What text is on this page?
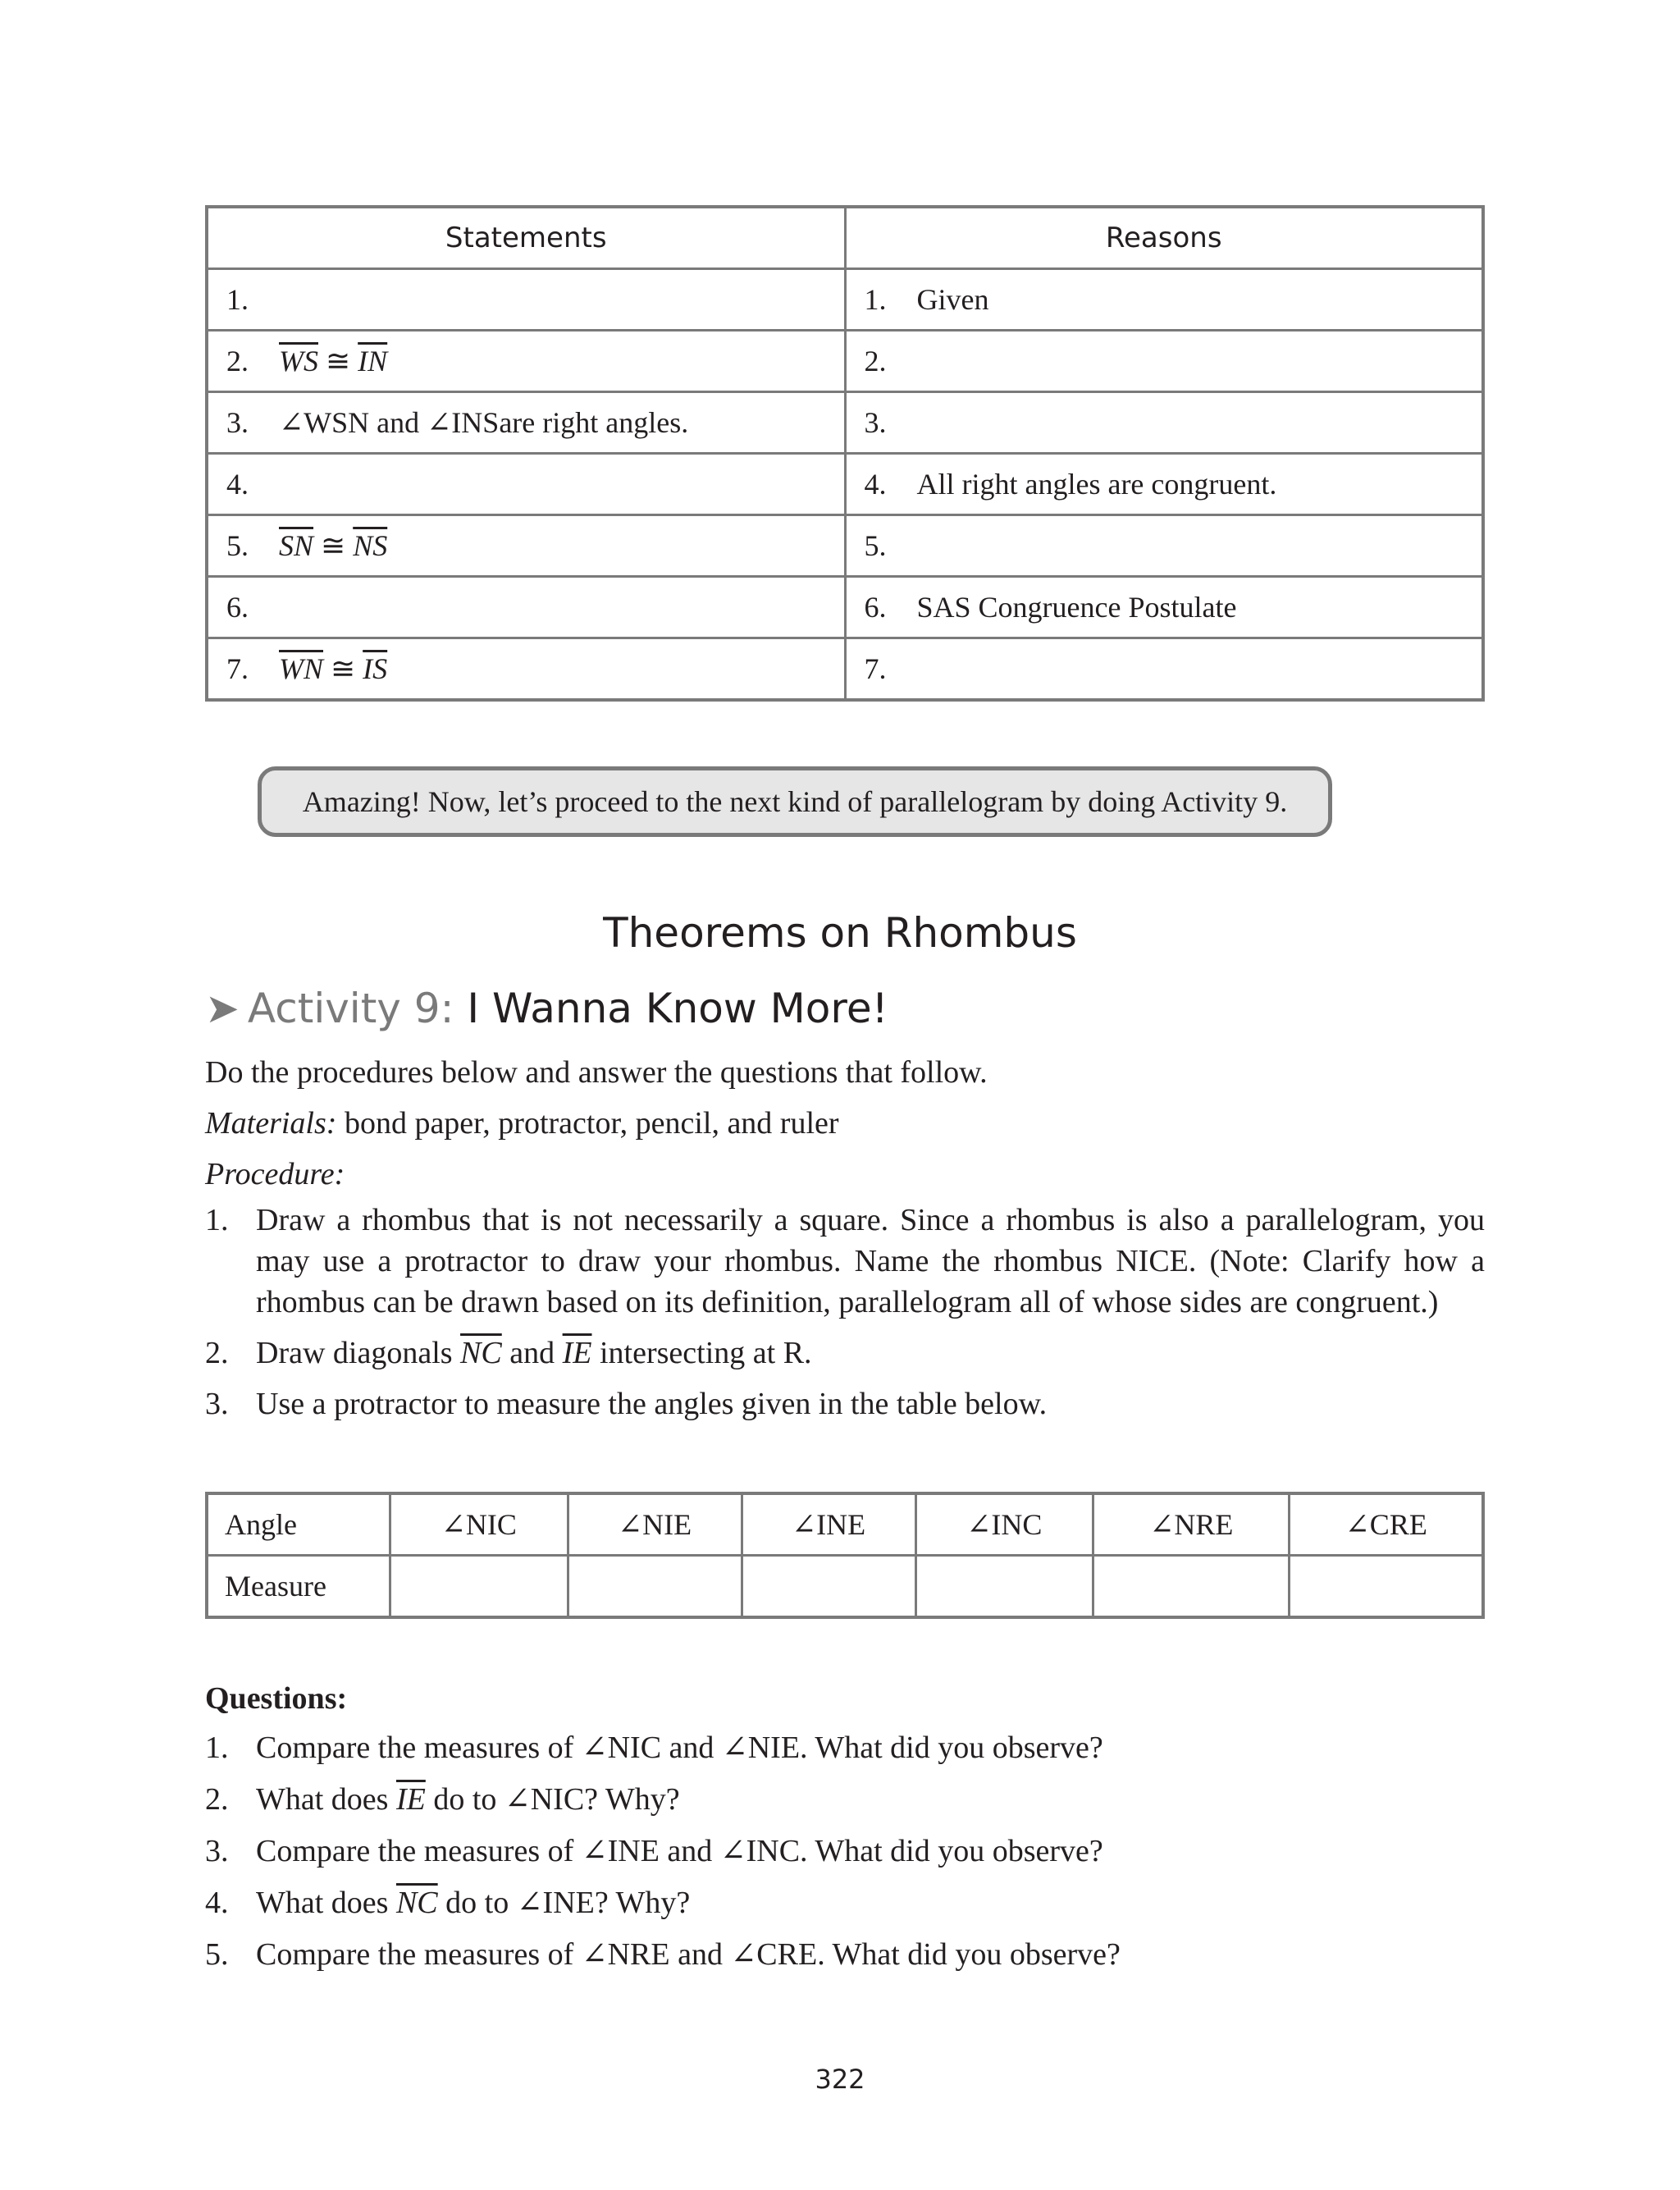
Statements	Reasons
1.	1. Given
2. $\overline{WS}$ ≅ $\overline{IN}$	2.
3. ∠WSN and ∠INSare right angles.	3.
4.	4. All right angles are congruent.
5. $\overline{SN}$ ≅ $\overline{NS}$	5.
6.	6. SAS Congruence Postulate
7. $\overline{WN}$ ≅ $\overline{IS}$	7.
Amazing! Now, let’s proceed to the next kind of parallelogram by doing Activity 9.
Theorems on Rhombus
➤ Activity 9: I Wanna Know More!
Do the procedures below and answer the questions that follow.
Materials: bond paper, protractor, pencil, and ruler
Procedure:
1. Draw a rhombus that is not necessarily a square. Since a rhombus is also a parallelogram, you may use a protractor to draw your rhombus. Name the rhombus NICE. (Note: Clarify how a rhombus can be drawn based on its definition, parallelogram all of whose sides are congruent.)
2. Draw diagonals $\overline{NC}$ and $\overline{IE}$ intersecting at R.
3. Use a protractor to measure the angles given in the table below.
Angle	∠NIC	∠NIE	∠INE	∠INC	∠NRE	∠CRE
Measure						
Questions:
1. Compare the measures of ∠NIC and ∠NIE. What did you observe?
2. What does $\overline{IE}$ do to ∠NIC? Why?
3. Compare the measures of ∠INE and ∠INC. What did you observe?
4. What does $\overline{NC}$ do to ∠INE? Why?
5. Compare the measures of ∠NRE and ∠CRE. What did you observe?
322
